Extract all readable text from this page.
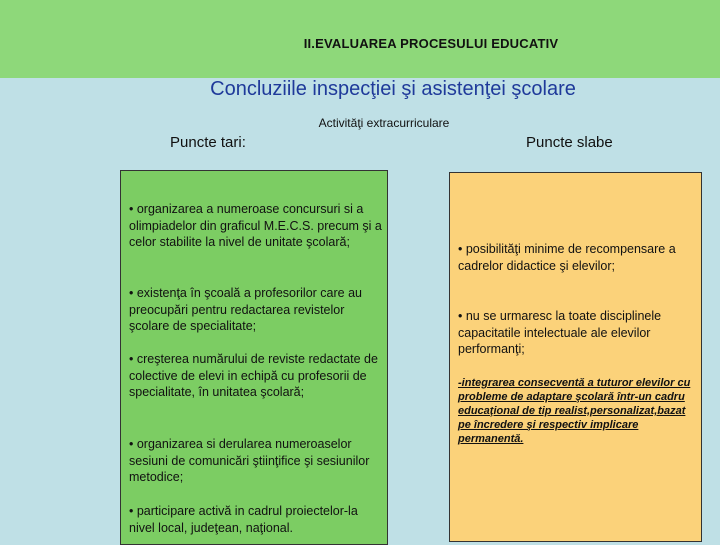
II.EVALUAREA PROCESULUI EDUCATIV
Concluziile inspecţiei şi asistenţei şcolare
Activităţi extracurriculare
Puncte tari:	Puncte slabe
• organizarea a numeroase concursuri si a olimpiadelor din graficul M.E.C.S. precum şi a celor stabilite la nivel de unitate şcolară;
• existenţa în şcoală a profesorilor care au preocupări pentru redactarea revistelor şcolare de specialitate;
• creşterea numărului de reviste redactate de colective de elevi in echipă cu profesorii de specialitate, în unitatea şcolară;
• organizarea si derularea numeroaselor sesiuni de comunicări ştiinţifice şi sesiunilor metodice;
• participare activă in cadrul proiectelor-la nivel local, judeţean, naţional.
• posibilităţi minime de recompensare a cadrelor didactice şi elevilor;
• nu se urmaresc la toate disciplinele capacitatile intelectuale ale elevilor performanţi;
-integrarea consecventă a tuturor elevilor cu probleme de adaptare şcolară într-un cadru educaţional de tip realist,personalizat,bazat pe încredere şi respectiv implicare permanentă.
